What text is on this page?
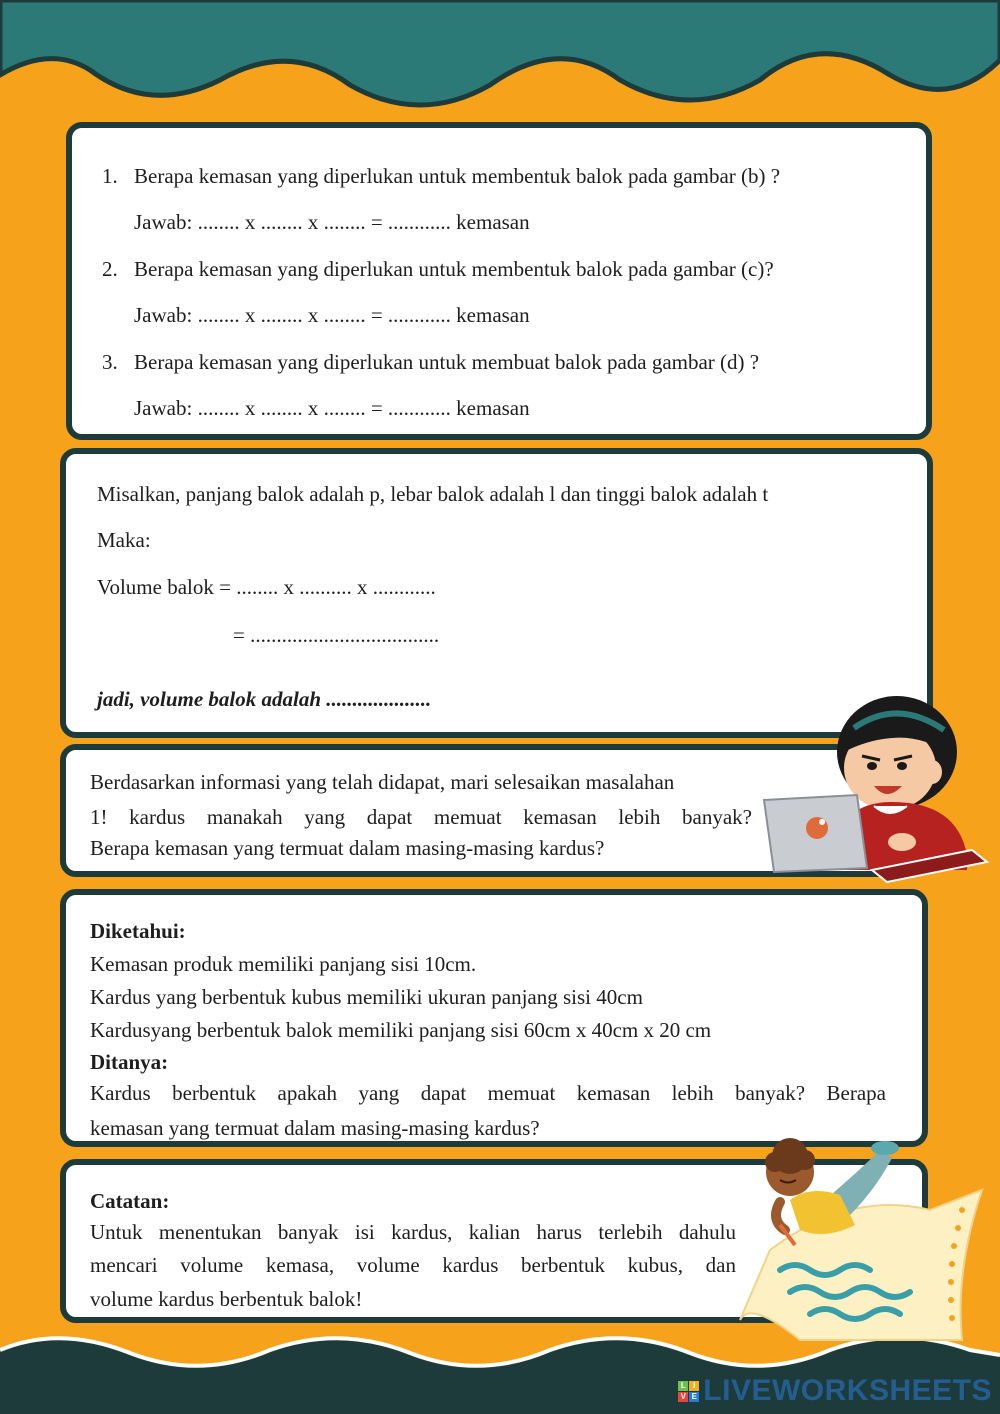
1. Berapa kemasan yang diperlukan untuk membentuk balok pada gambar (b) ?
Jawab: ........ x ........ x ........ = ............ kemasan
2. Berapa kemasan yang diperlukan untuk membentuk balok pada gambar (c)?
Jawab: ........ x ........ x ........ = ............ kemasan
3. Berapa kemasan yang diperlukan untuk membuat balok pada gambar (d) ?
Jawab: ........ x ........ x ........ = ............ kemasan
Misalkan, panjang balok adalah p, lebar balok adalah l dan tinggi balok adalah t
Maka:
Volume balok = ........ x .......... x ............
= ....................................
jadi, volume balok adalah ....................
Berdasarkan informasi yang telah didapat, mari selesaikan masalahan
1! kardus manakah yang dapat memuat kemasan lebih banyak?
Berapa kemasan yang termuat dalam masing-masing kardus?
Diketahui:
Kemasan produk memiliki panjang sisi 10cm.
Kardus yang berbentuk kubus memiliki ukuran panjang sisi 40cm
Kardusyang berbentuk balok memiliki panjang sisi 60cm x 40cm x 20 cm
Ditanya:
Kardus berbentuk apakah yang dapat memuat kemasan lebih banyak? Berapa
kemasan yang termuat dalam masing-masing kardus?
Catatan:
Untuk menentukan banyak isi kardus, kalian harus terlebih dahulu
mencari volume kemasa, volume kardus berbentuk kubus, dan
volume kardus berbentuk balok!
L I
V E LIVEWORKSHEETS
